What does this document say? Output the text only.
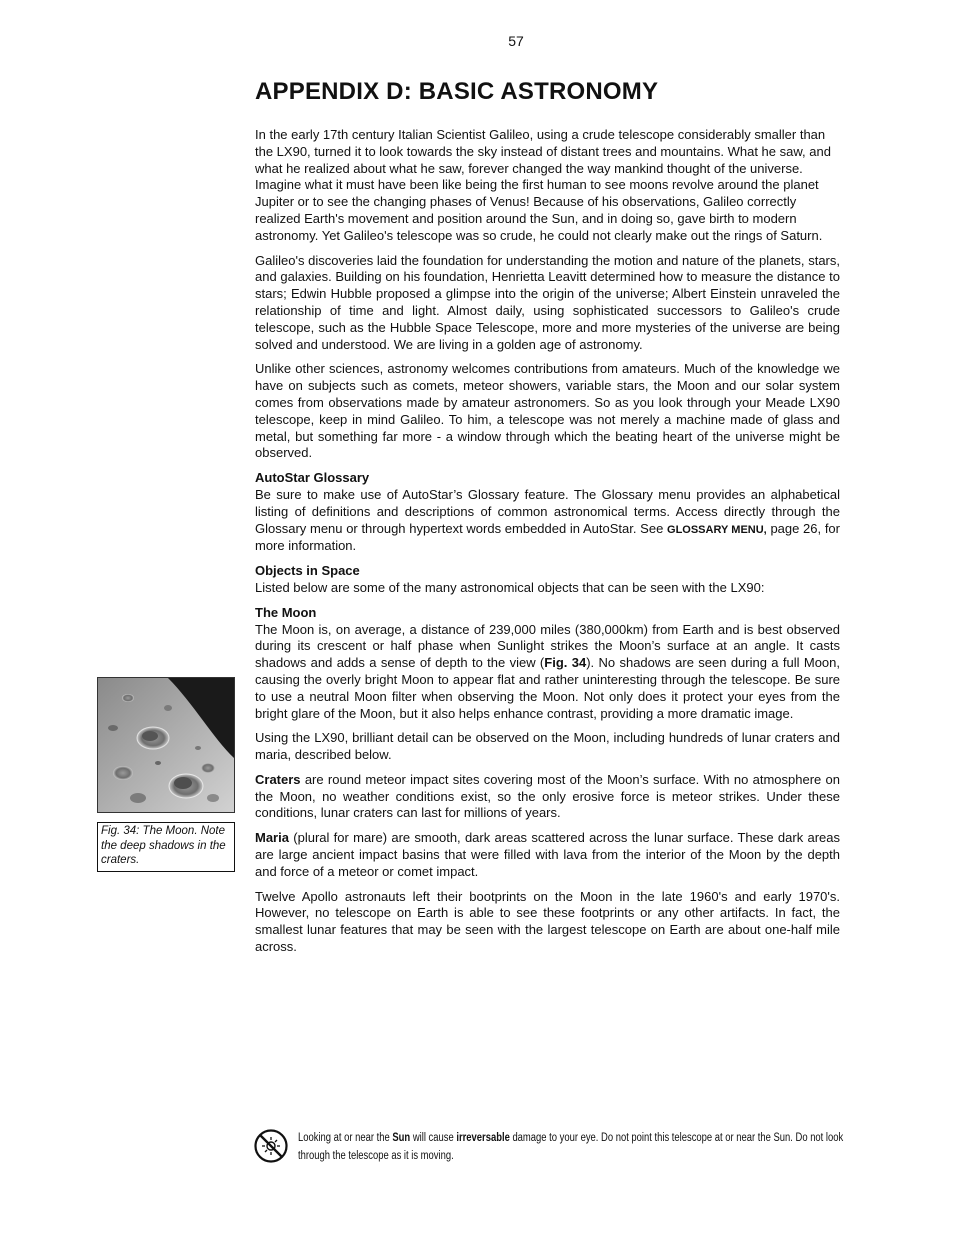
57
APPENDIX D: BASIC ASTRONOMY

In the early 17th century Italian Scientist Galileo, using a crude telescope considerably smaller than the LX90, turned it to look towards the sky instead of distant trees and mountains. What he saw, and what he realized about what he saw, forever changed the way mankind thought of the universe. Imagine what it must have been like being the first human to see moons revolve around the planet Jupiter or to see the changing phases of Venus! Because of his observations, Galileo correctly realized Earth's movement and position around the Sun, and in doing so, gave birth to modern astronomy. Yet Galileo's telescope was so crude, he could not clearly make out the rings of Saturn.

Galileo's discoveries laid the foundation for understanding the motion and nature of the planets, stars, and galaxies. Building on his foundation, Henrietta Leavitt determined how to measure the distance to stars; Edwin Hubble proposed a glimpse into the origin of the universe; Albert Einstein unraveled the relationship of time and light. Almost daily, using sophisticated successors to Galileo's crude telescope, such as the Hubble Space Telescope, more and more mysteries of the universe are being solved and understood. We are living in a golden age of astronomy.

Unlike other sciences, astronomy welcomes contributions from amateurs. Much of the knowledge we have on subjects such as comets, meteor showers, variable stars, the Moon and our solar system comes from observations made by amateur astronomers. So as you look through your Meade LX90 telescope, keep in mind Galileo. To him, a telescope was not merely a machine made of glass and metal, but something far more - a window through which the beating heart of the universe might be observed.

AutoStar Glossary
Be sure to make use of AutoStar’s Glossary feature. The Glossary menu provides an alphabetical listing of definitions and descriptions of common astronomical terms. Access directly through the Glossary menu or through hypertext words embedded in AutoStar. See GLOSSARY MENU, page 26, for more information.

Objects in Space
Listed below are some of the many astronomical objects that can be seen with the LX90:

The Moon
The Moon is, on average, a distance of 239,000 miles (380,000km) from Earth and is best observed during its crescent or half phase when Sunlight strikes the Moon’s surface at an angle. It casts shadows and adds a sense of depth to the view (Fig. 34). No shadows are seen during a full Moon, causing the overly bright Moon to appear flat and rather uninteresting through the telescope. Be sure to use a neutral Moon filter when observing the Moon. Not only does it protect your eyes from the bright glare of the Moon, but it also helps enhance contrast, providing a more dramatic image.

Using the LX90, brilliant detail can be observed on the Moon, including hundreds of lunar craters and maria, described below.

Craters are round meteor impact sites covering most of the Moon’s surface. With no atmosphere on the Moon, no weather conditions exist, so the only erosive force is meteor strikes. Under these conditions, lunar craters can last for millions of years.

Maria (plural for mare) are smooth, dark areas scattered across the lunar surface. These dark areas are large ancient impact basins that were filled with lava from the interior of the Moon by the depth and force of a meteor or comet impact.

Twelve Apollo astronauts left their bootprints on the Moon in the late 1960's and early 1970's. However, no telescope on Earth is able to see these footprints or any other artifacts. In fact, the smallest lunar features that may be seen with the largest telescope on Earth are about one-half mile across.

Fig. 34: The Moon. Note the deep shadows in the craters.
Looking at or near the Sun will cause irreversable damage to your eye. Do not point this telescope at or near the Sun. Do not look through the telescope as it is moving.
